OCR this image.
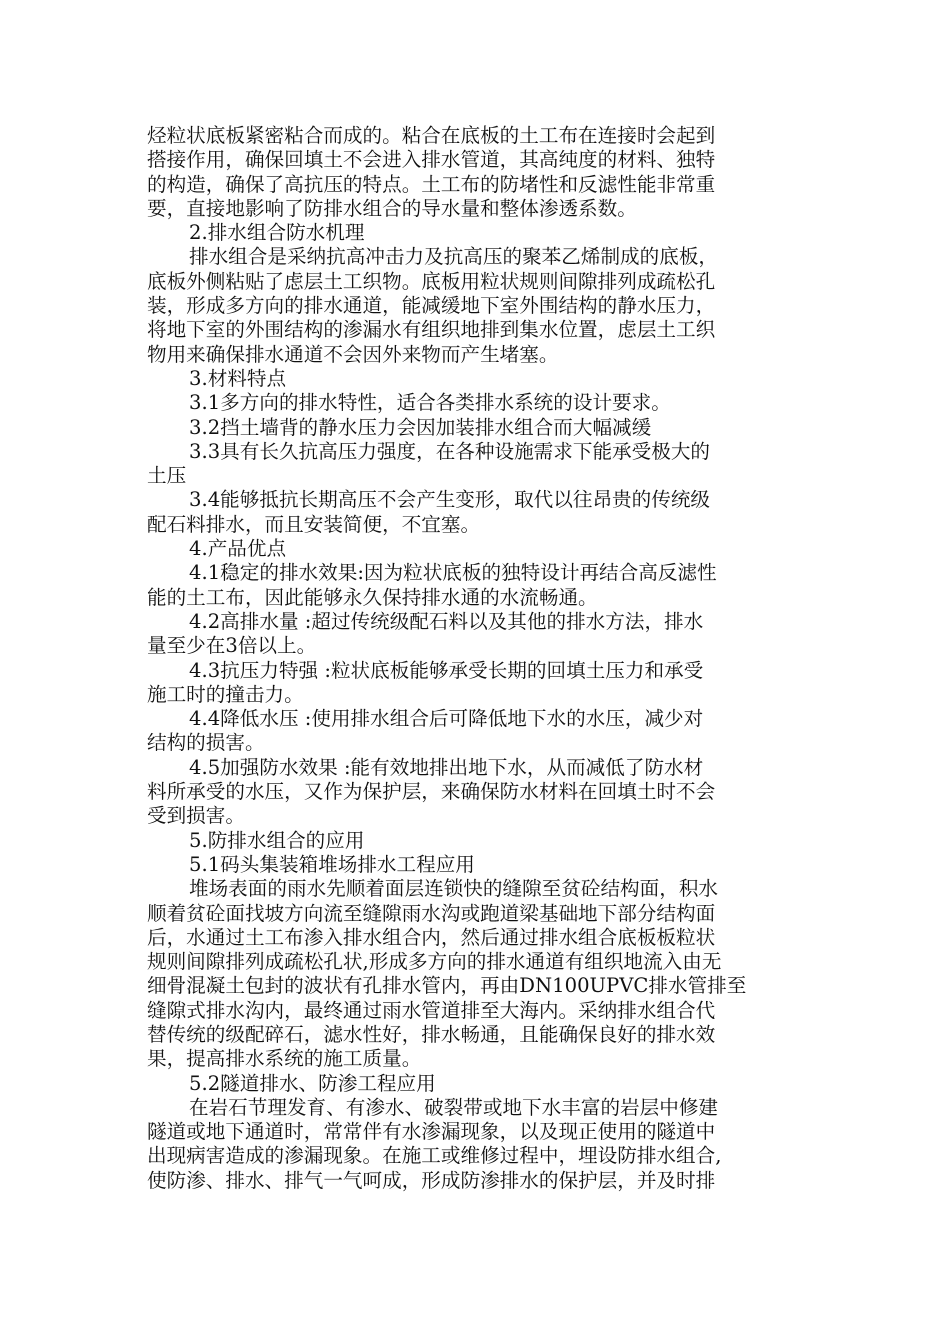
烃粒状底板紧密粘合而成的。粘合在底板的土工布在连接时会起到
搭接作用，确保回填土不会进入排水管道，其高纯度的材料、独特
的构造，确保了高抗压的特点。土工布的防堵性和反滤性能非常重
要，直接地影响了防排水组合的导水量和整体渗透系数。
2.排水组合防水机理
排水组合是采纳抗高冲击力及抗高压的聚苯乙烯制成的底板，
底板外侧粘贴了虑层土工织物。底板用粒状规则间隙排列成疏松孔
装，形成多方向的排水通道，能减缓地下室外围结构的静水压力，
将地下室的外围结构的渗漏水有组织地排到集水位置，虑层土工织
物用来确保排水通道不会因外来物而产生堵塞。
3.材料特点
3.1多方向的排水特性，适合各类排水系统的设计要求。
3.2挡土墙背的静水压力会因加装排水组合而大幅减缓
3.3具有长久抗高压力强度，在各种设施需求下能承受极大的
土压
3.4能够抵抗长期高压不会产生变形，取代以往昂贵的传统级
配石料排水，而且安装简便，不宜塞。
4.产品优点
4.1稳定的排水效果:因为粒状底板的独特设计再结合高反滤性
能的土工布，因此能够永久保持排水通的水流畅通。
4.2高排水量 :超过传统级配石料以及其他的排水方法，排水
量至少在3倍以上。
4.3抗压力特强 :粒状底板能够承受长期的回填土压力和承受
施工时的撞击力。
4.4降低水压 :使用排水组合后可降低地下水的水压，减少对
结构的损害。
4.5加强防水效果 :能有效地排出地下水，从而减低了防水材
料所承受的水压，又作为保护层，来确保防水材料在回填土时不会
受到损害。
5.防排水组合的应用
5.1码头集装箱堆场排水工程应用
堆场表面的雨水先顺着面层连锁快的缝隙至贫砼结构面，积水
顺着贫砼面找坡方向流至缝隙雨水沟或跑道梁基础地下部分结构面
后，水通过土工布渗入排水组合内，然后通过排水组合底板板粒状
规则间隙排列成疏松孔状,形成多方向的排水通道有组织地流入由无
细骨混凝土包封的波状有孔排水管内，再由DN100UPVC排水管排至
缝隙式排水沟内，最终通过雨水管道排至大海内。采纳排水组合代
替传统的级配碎石，滤水性好，排水畅通，且能确保良好的排水效
果，提高排水系统的施工质量。
5.2隧道排水、防渗工程应用
在岩石节理发育、有渗水、破裂带或地下水丰富的岩层中修建
隧道或地下通道时，常常伴有水渗漏现象，以及现正使用的隧道中
出现病害造成的渗漏现象。在施工或维修过程中，埋设防排水组合,
使防渗、排水、排气一气呵成，形成防渗排水的保护层，并及时排
